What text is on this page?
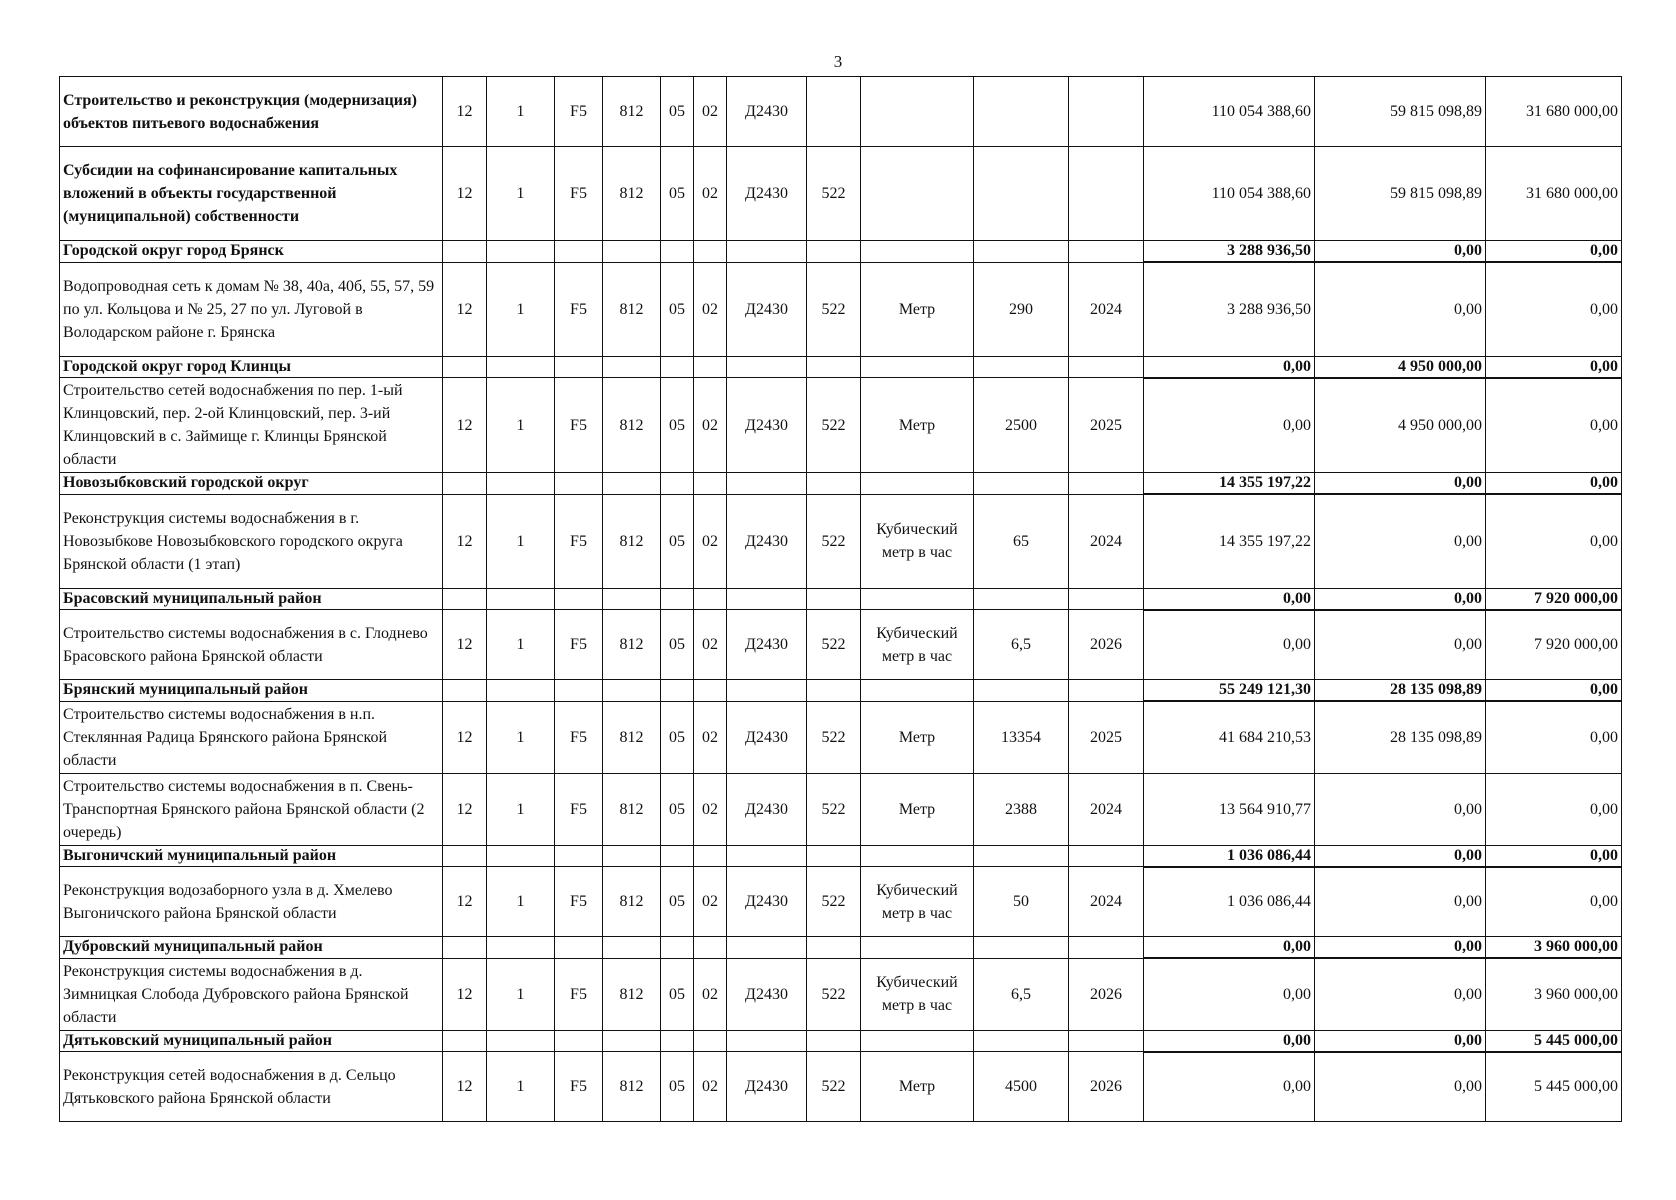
3
Строительство и реконструкция (модернизация) объектов питьевого водоснабжения	12	1	F5	812	05	02	Д2430					110 054 388,60	59 815 098,89	31 680 000,00
Субсидии на софинансирование капитальных вложений в объекты государственной (муниципальной) собственности	12	1	F5	812	05	02	Д2430	522				110 054 388,60	59 815 098,89	31 680 000,00
Городской округ город Брянск												3 288 936,50	0,00	0,00
Водопроводная сеть к домам № 38, 40а, 40б, 55, 57, 59 по ул. Кольцова и № 25, 27 по ул. Луговой в Володарском районе г. Брянска	12	1	F5	812	05	02	Д2430	522	Метр	290	2024	3 288 936,50	0,00	0,00
Городской округ город Клинцы												0,00	4 950 000,00	0,00
Строительство сетей водоснабжения по пер. 1-ый Клинцовский, пер. 2-ой Клинцовский, пер. 3-ий Клинцовский в с. Займище г. Клинцы Брянской области	12	1	F5	812	05	02	Д2430	522	Метр	2500	2025	0,00	4 950 000,00	0,00
Новозыбковский городской округ												14 355 197,22	0,00	0,00
Реконструкция системы водоснабжения в г. Новозыбкове Новозыбковского городского округа Брянской области (1 этап)	12	1	F5	812	05	02	Д2430	522	Кубический метр в час	65	2024	14 355 197,22	0,00	0,00
Брасовский муниципальный район												0,00	0,00	7 920 000,00
Строительство системы водоснабжения в с. Глоднево Брасовского района Брянской области	12	1	F5	812	05	02	Д2430	522	Кубический метр в час	6,5	2026	0,00	0,00	7 920 000,00
Брянский муниципальный район												55 249 121,30	28 135 098,89	0,00
Строительство системы водоснабжения в н.п. Стеклянная Радица Брянского района Брянской области	12	1	F5	812	05	02	Д2430	522	Метр	13354	2025	41 684 210,53	28 135 098,89	0,00
Строительство системы водоснабжения в п. Свень-Транспортная Брянского района Брянской области (2 очередь)	12	1	F5	812	05	02	Д2430	522	Метр	2388	2024	13 564 910,77	0,00	0,00
Выгоничский муниципальный район												1 036 086,44	0,00	0,00
Реконструкция водозаборного узла в д. Хмелево Выгоничского района Брянской области	12	1	F5	812	05	02	Д2430	522	Кубический метр в час	50	2024	1 036 086,44	0,00	0,00
Дубровский муниципальный район												0,00	0,00	3 960 000,00
Реконструкция системы водоснабжения в д. Зимницкая Слобода Дубровского района Брянской области	12	1	F5	812	05	02	Д2430	522	Кубический метр в час	6,5	2026	0,00	0,00	3 960 000,00
Дятьковский муниципальный район												0,00	0,00	5 445 000,00
Реконструкция сетей водоснабжения в д. Сельцо Дятьковского района Брянской области	12	1	F5	812	05	02	Д2430	522	Метр	4500	2026	0,00	0,00	5 445 000,00
